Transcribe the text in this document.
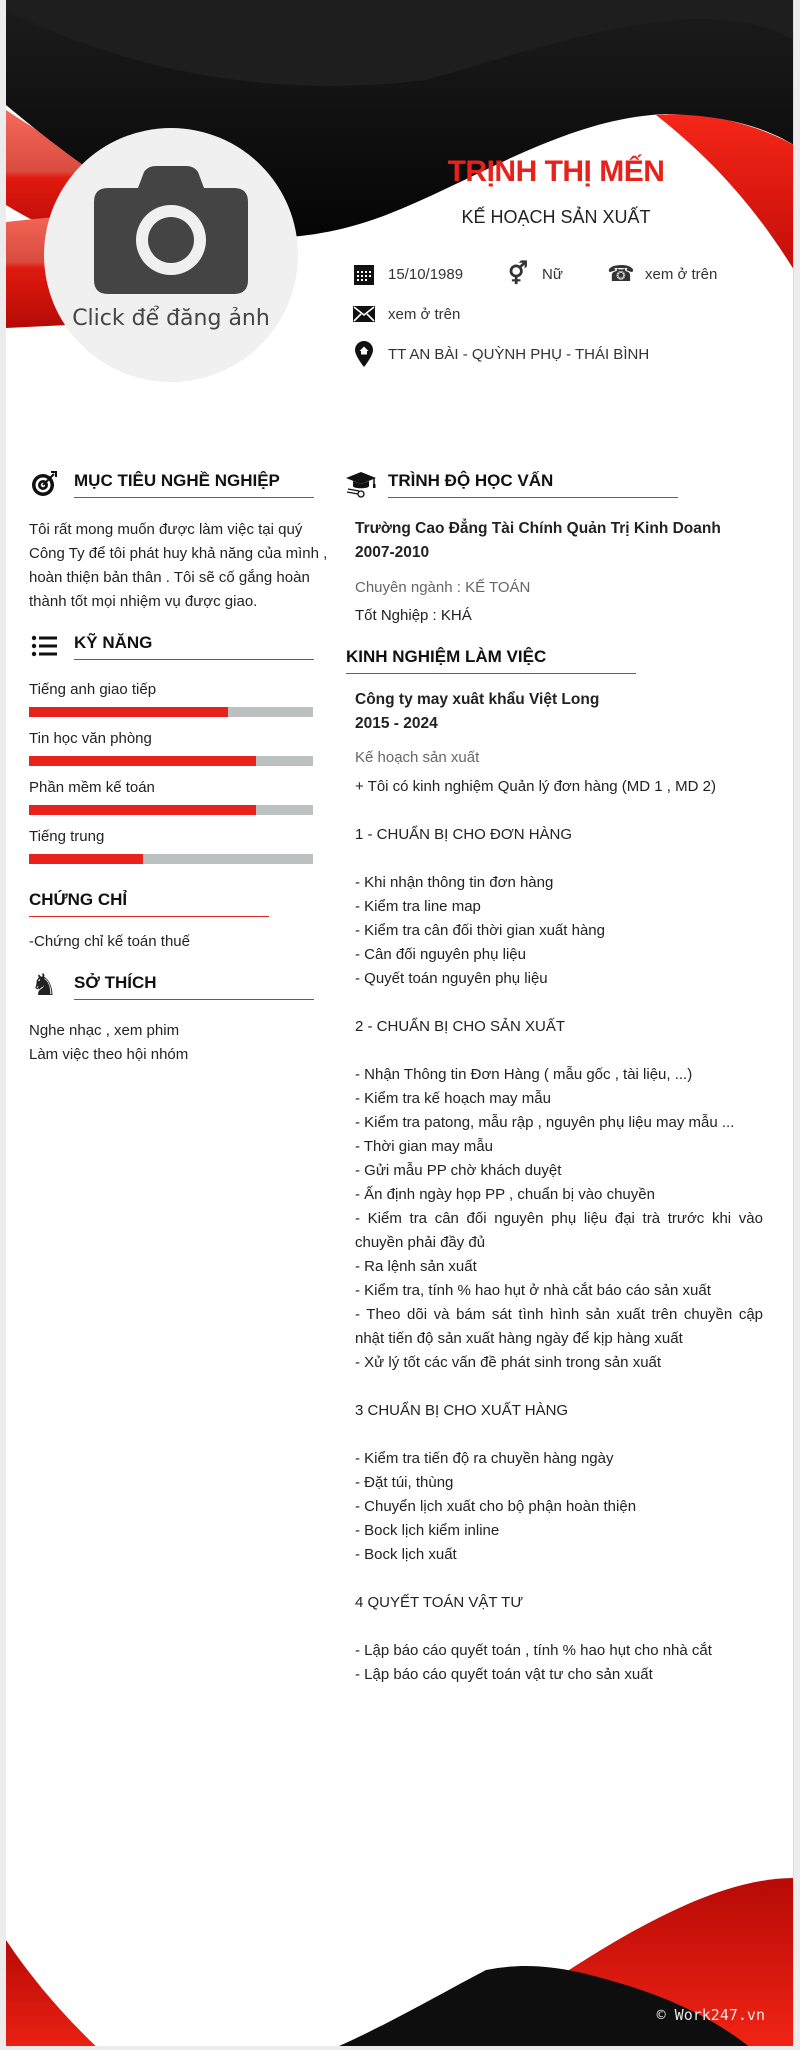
Click để đăng ảnh
TRỊNH THỊ MẾN
KẾ HOẠCH SẢN XUẤT
15/10/1989 ⚥ Nữ ☎ xem ở trên
xem ở trên
TT AN BÀI - QUỲNH PHỤ - THÁI BÌNH
MỤC TIÊU NGHỀ NGHIỆP
Tôi rất mong muốn được làm việc tại quý
Công Ty để tôi phát huy khả năng của mình ,
hoàn thiện bản thân . Tôi sẽ cố gắng hoàn
thành tốt mọi nhiệm vụ được giao.
KỸ NĂNG
Tiếng anh giao tiếp
Tin học văn phòng
Phần mềm kế toán
Tiếng trung
CHỨNG CHỈ
-Chứng chỉ kế toán thuế
♞ SỞ THÍCH
Nghe nhạc , xem phim
Làm việc theo hội nhóm
TRÌNH ĐỘ HỌC VẤN
Trường Cao Đẳng Tài Chính Quản Trị Kinh Doanh
2007-2010
Chuyên ngành : KẾ TOÁN
Tốt Nghiệp : KHÁ
KINH NGHIỆM LÀM VIỆC
Công ty may xuât khẩu Việt Long
2015 - 2024
Kế hoạch sản xuất
+ Tôi có kinh nghiệm Quản lý đơn hàng (MD 1 , MD 2)
1 - CHUẨN BỊ CHO ĐƠN HÀNG
- Khi nhận thông tin đơn hàng
- Kiểm tra line map
- Kiểm tra cân đối thời gian xuất hàng
- Cân đối nguyên phụ liệu
- Quyết toán nguyên phụ liệu
2 - CHUẨN BỊ CHO SẢN XUẤT
- Nhận Thông tin Đơn Hàng ( mẫu gốc , tài liệu, ...)
- Kiểm tra kế hoạch may mẫu
- Kiểm tra patong, mẫu rập , nguyên phụ liệu may mẫu ...
- Thời gian may mẫu
- Gửi mẫu PP chờ khách duyệt
- Ấn định ngày họp PP , chuẩn bị vào chuyền
- Kiểm tra cân đối nguyên phụ liệu đại trà trước khi vào chuyền phải đầy đủ
- Ra lệnh sản xuất
- Kiểm tra, tính % hao hụt ở nhà cắt báo cáo sản xuất
- Theo dõi và bám sát tình hình sản xuất trên chuyền cập nhật tiến độ sản xuất hàng ngày để kịp hàng xuất
- Xử lý tốt các vấn đề phát sinh trong sản xuất
3 CHUẨN BỊ CHO XUẤT HÀNG
- Kiểm tra tiến độ ra chuyền hàng ngày
- Đặt túi, thùng
- Chuyển lịch xuất cho bộ phận hoàn thiện
- Bock lịch kiểm inline
- Bock lịch xuất
4 QUYẾT TOÁN VẬT TƯ
- Lập báo cáo quyết toán , tính % hao hụt cho nhà cắt
- Lập báo cáo quyết toán vật tư cho sản xuất
© Work247.vn
